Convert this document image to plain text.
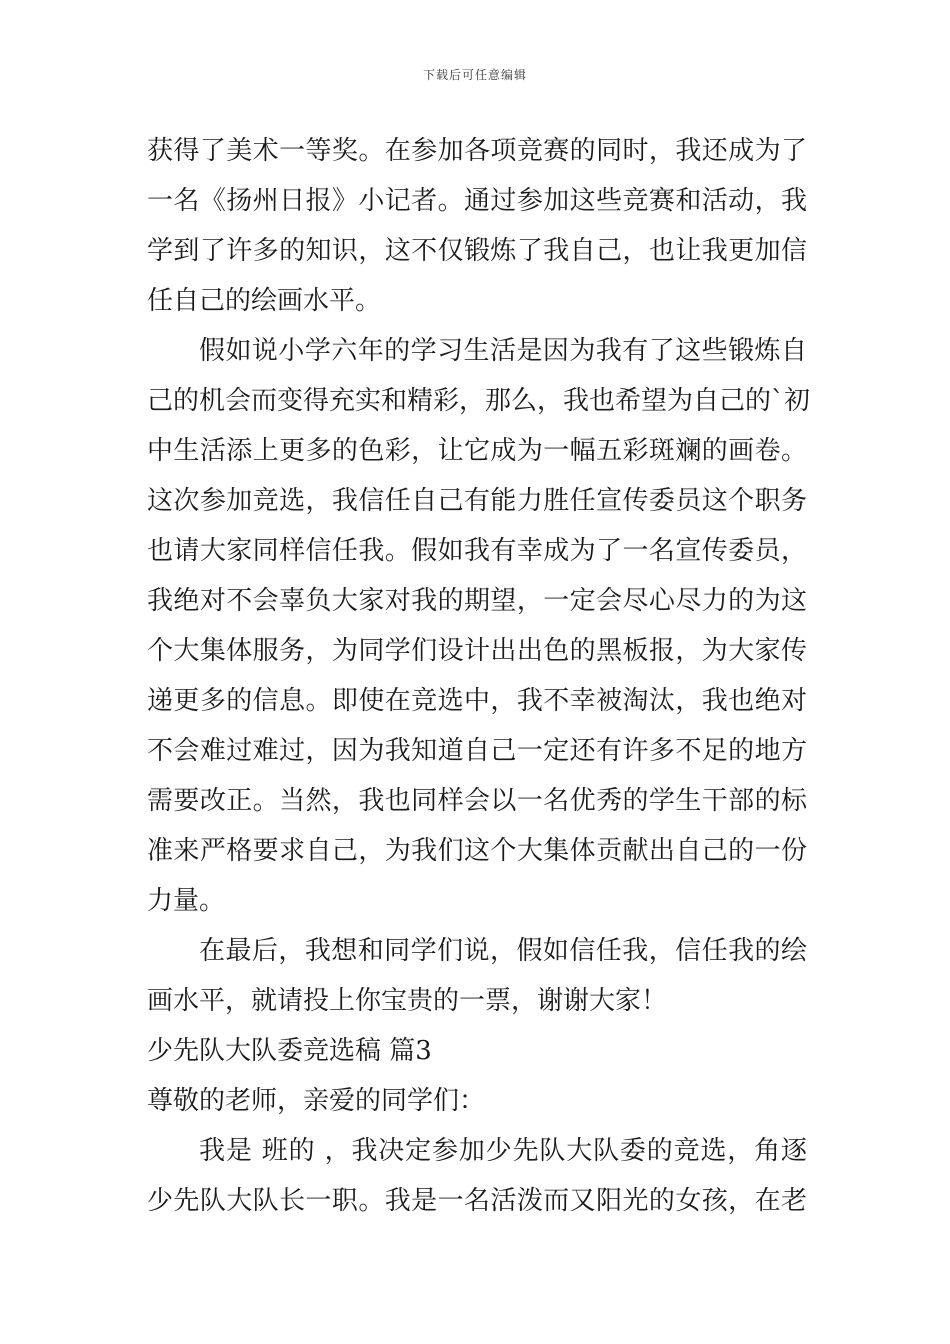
下载后可任意编辑
获得了美术一等奖。在参加各项竞赛的同时，我还成为了
一名《扬州日报》小记者。通过参加这些竞赛和活动，我
学到了许多的知识，这不仅锻炼了我自己，也让我更加信
任自己的绘画水平。
假如说小学六年的学习生活是因为我有了这些锻炼自
己的机会而变得充实和精彩，那么，我也希望为自己的`初
中生活添上更多的色彩，让它成为一幅五彩斑斓的画卷。
这次参加竞选，我信任自己有能力胜任宣传委员这个职务
也请大家同样信任我。假如我有幸成为了一名宣传委员，
我绝对不会辜负大家对我的期望，一定会尽心尽力的为这
个大集体服务，为同学们设计出出色的黑板报，为大家传
递更多的信息。即使在竞选中，我不幸被淘汰，我也绝对
不会难过难过，因为我知道自己一定还有许多不足的地方
需要改正。当然，我也同样会以一名优秀的学生干部的标
准来严格要求自己，为我们这个大集体贡献出自己的一份
力量。
在最后，我想和同学们说，假如信任我，信任我的绘
画水平，就请投上你宝贵的一票，谢谢大家！
少先队大队委竞选稿 篇3
尊敬的老师，亲爱的同学们：
我是 班的 ，我决定参加少先队大队委的竞选，角逐
少先队大队长一职。我是一名活泼而又阳光的女孩，在老
